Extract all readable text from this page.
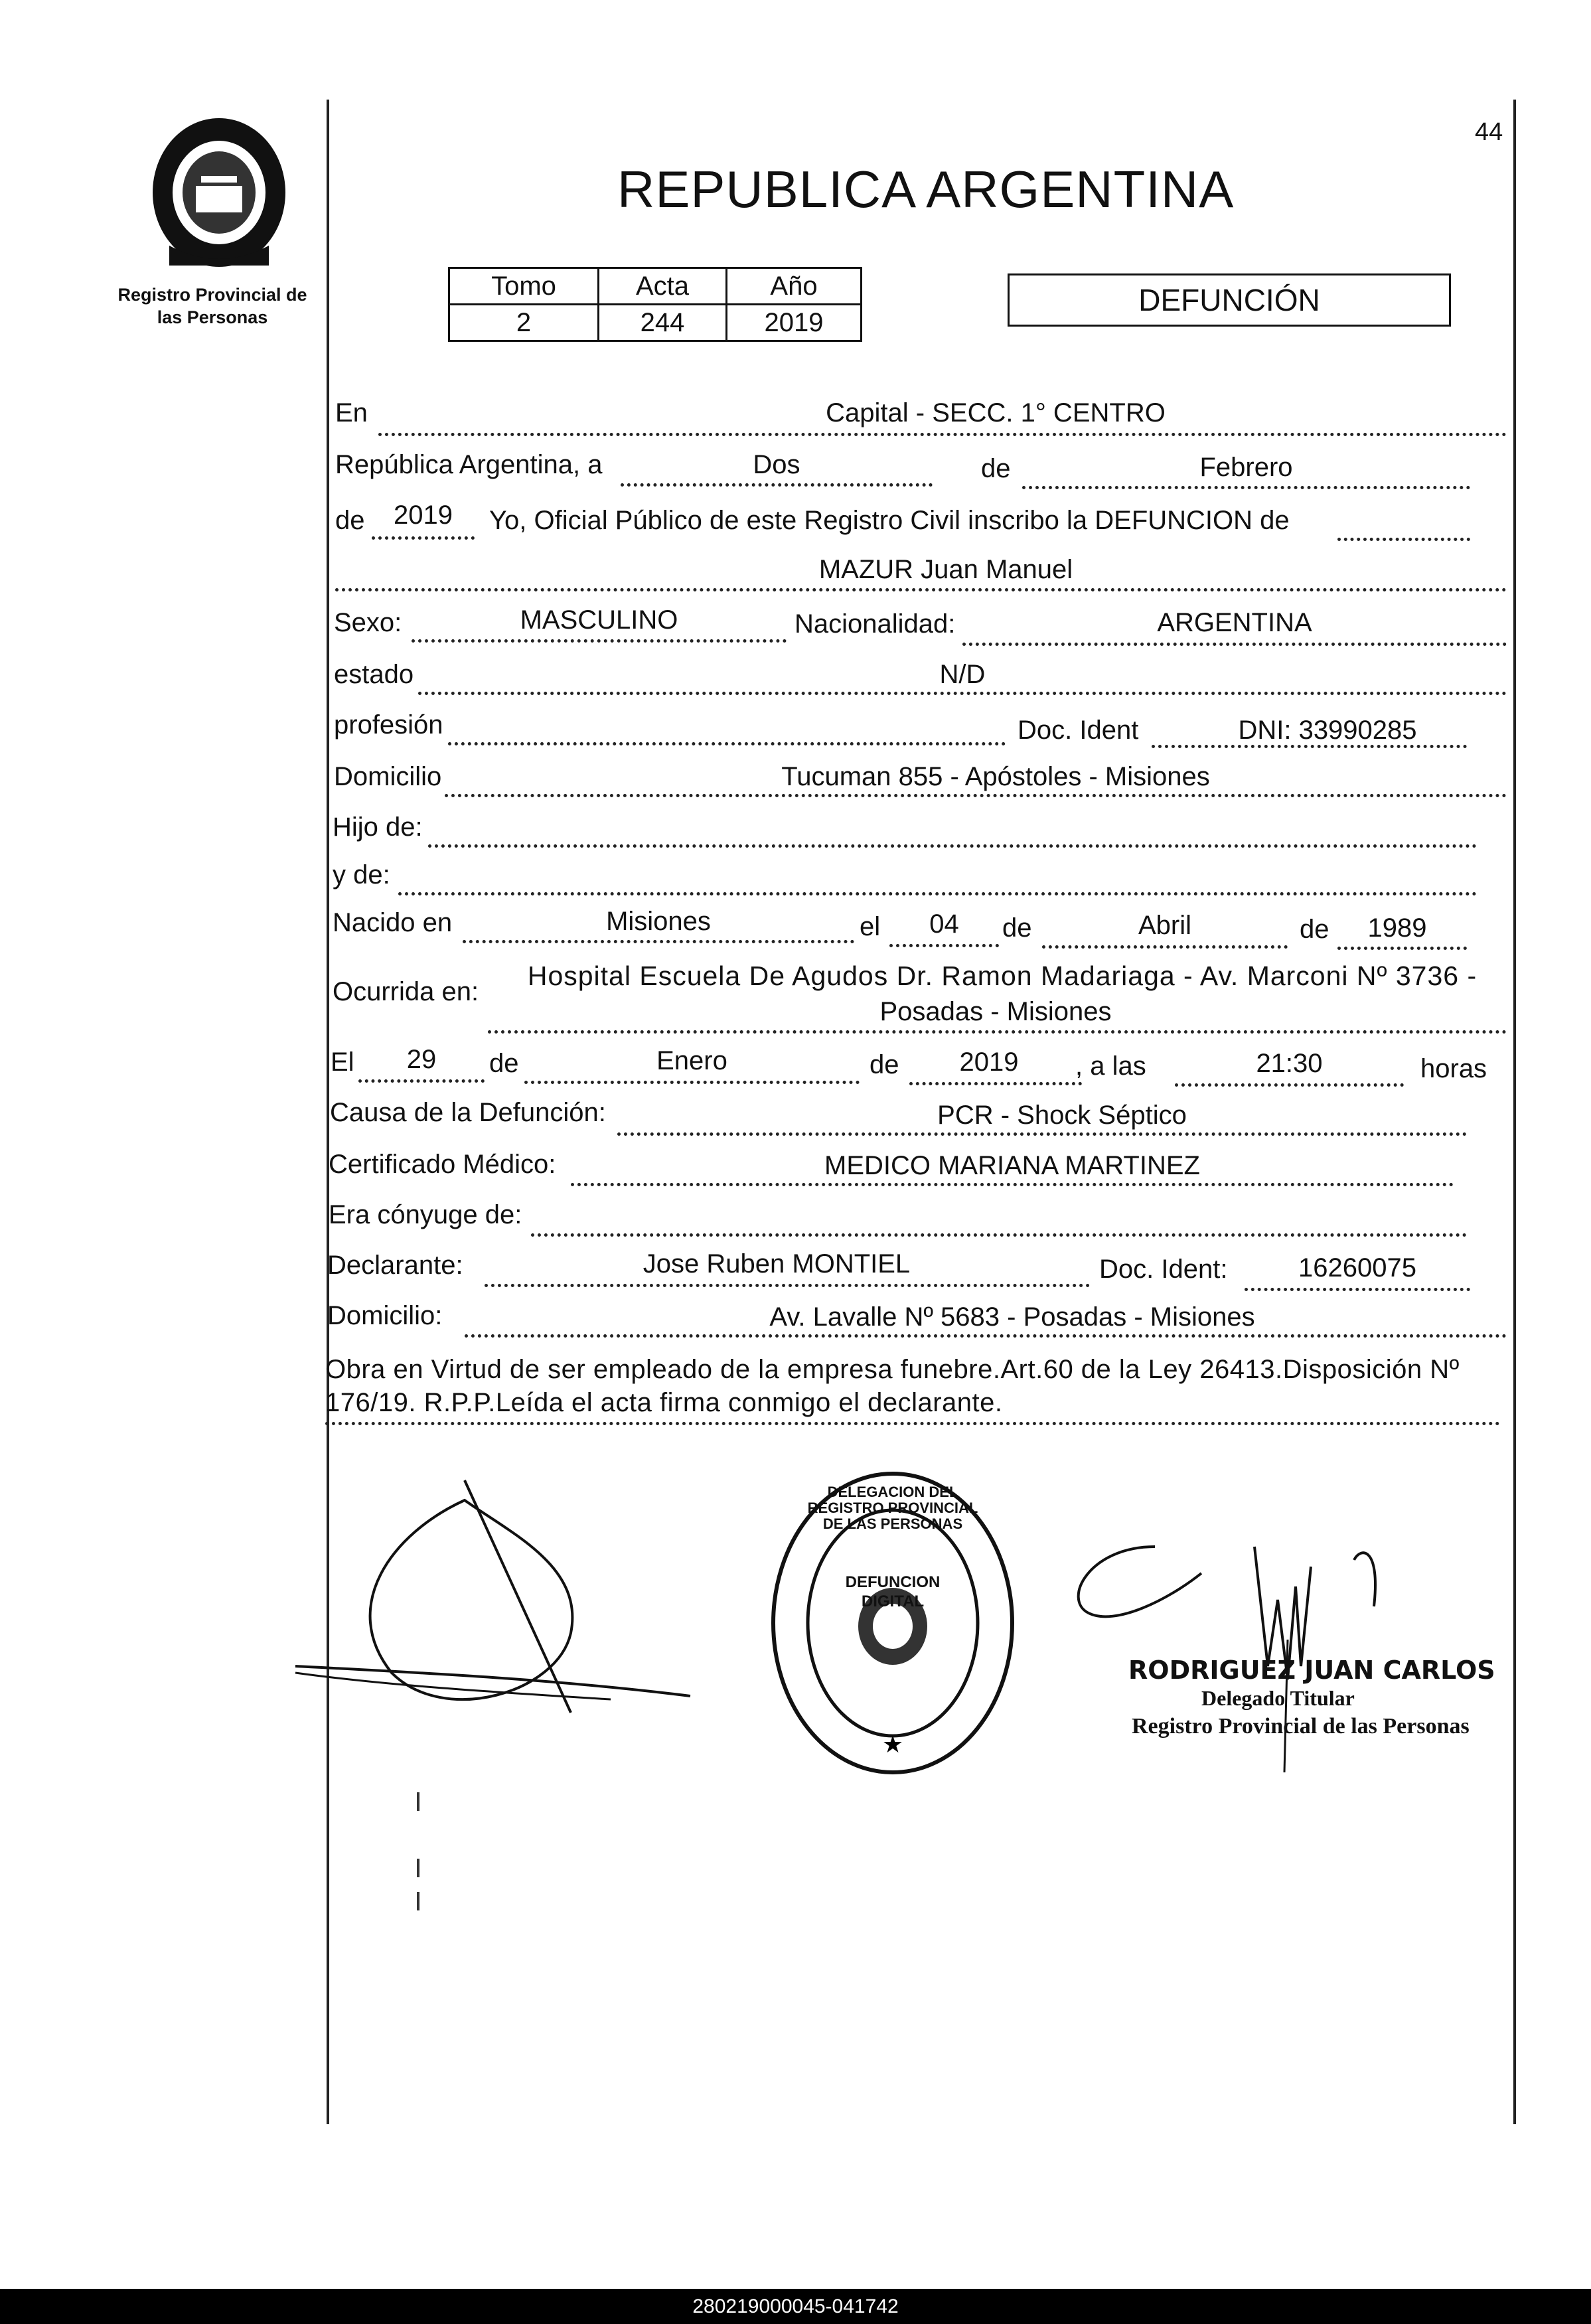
44
Registro Provincial de
las Personas
REPUBLICA ARGENTINA
Tomo	Acta	Año
2	244	2019
DEFUNCIÓN
En	Capital - SECC. 1° CENTRO
República Argentina, a	Dos	de	Febrero
de	2019	Yo, Oficial Público de este Registro Civil inscribo la DEFUNCION de
MAZUR Juan Manuel
Sexo:	MASCULINO	Nacionalidad:	ARGENTINA
estado	N/D
profesión	Doc. Ident	DNI: 33990285
Domicilio	Tucuman 855 - Apóstoles - Misiones
Hijo de:
y de:
Nacido en	Misiones	el	04	de	Abril	de	1989
Ocurrida en:
Hospital Escuela De Agudos Dr. Ramon Madariaga - Av. Marconi Nº 3736 -
Posadas - Misiones
El	29	de	Enero	de	2019	, a las	21:30	horas
Causa de la Defunción:	PCR - Shock Séptico
Certificado Médico:	MEDICO MARIANA MARTINEZ
Era cónyuge de:
Declarante:	Jose Ruben MONTIEL	Doc. Ident:	16260075
Domicilio:	Av. Lavalle Nº 5683 - Posadas - Misiones
Obra en Virtud de ser empleado de la empresa funebre.Art.60 de la Ley 26413.Disposición Nº 176/19. R.P.P.Leída el acta firma conmigo el declarante.
★
DELEGACION DEL REGISTRO PROVINCIAL DE LAS PERSONAS
DEFUNCION DIGITAL
RODRIGUEZ JUAN CARLOS
Delegado Titular
Registro Provincial de las Personas
280219000045-041742
